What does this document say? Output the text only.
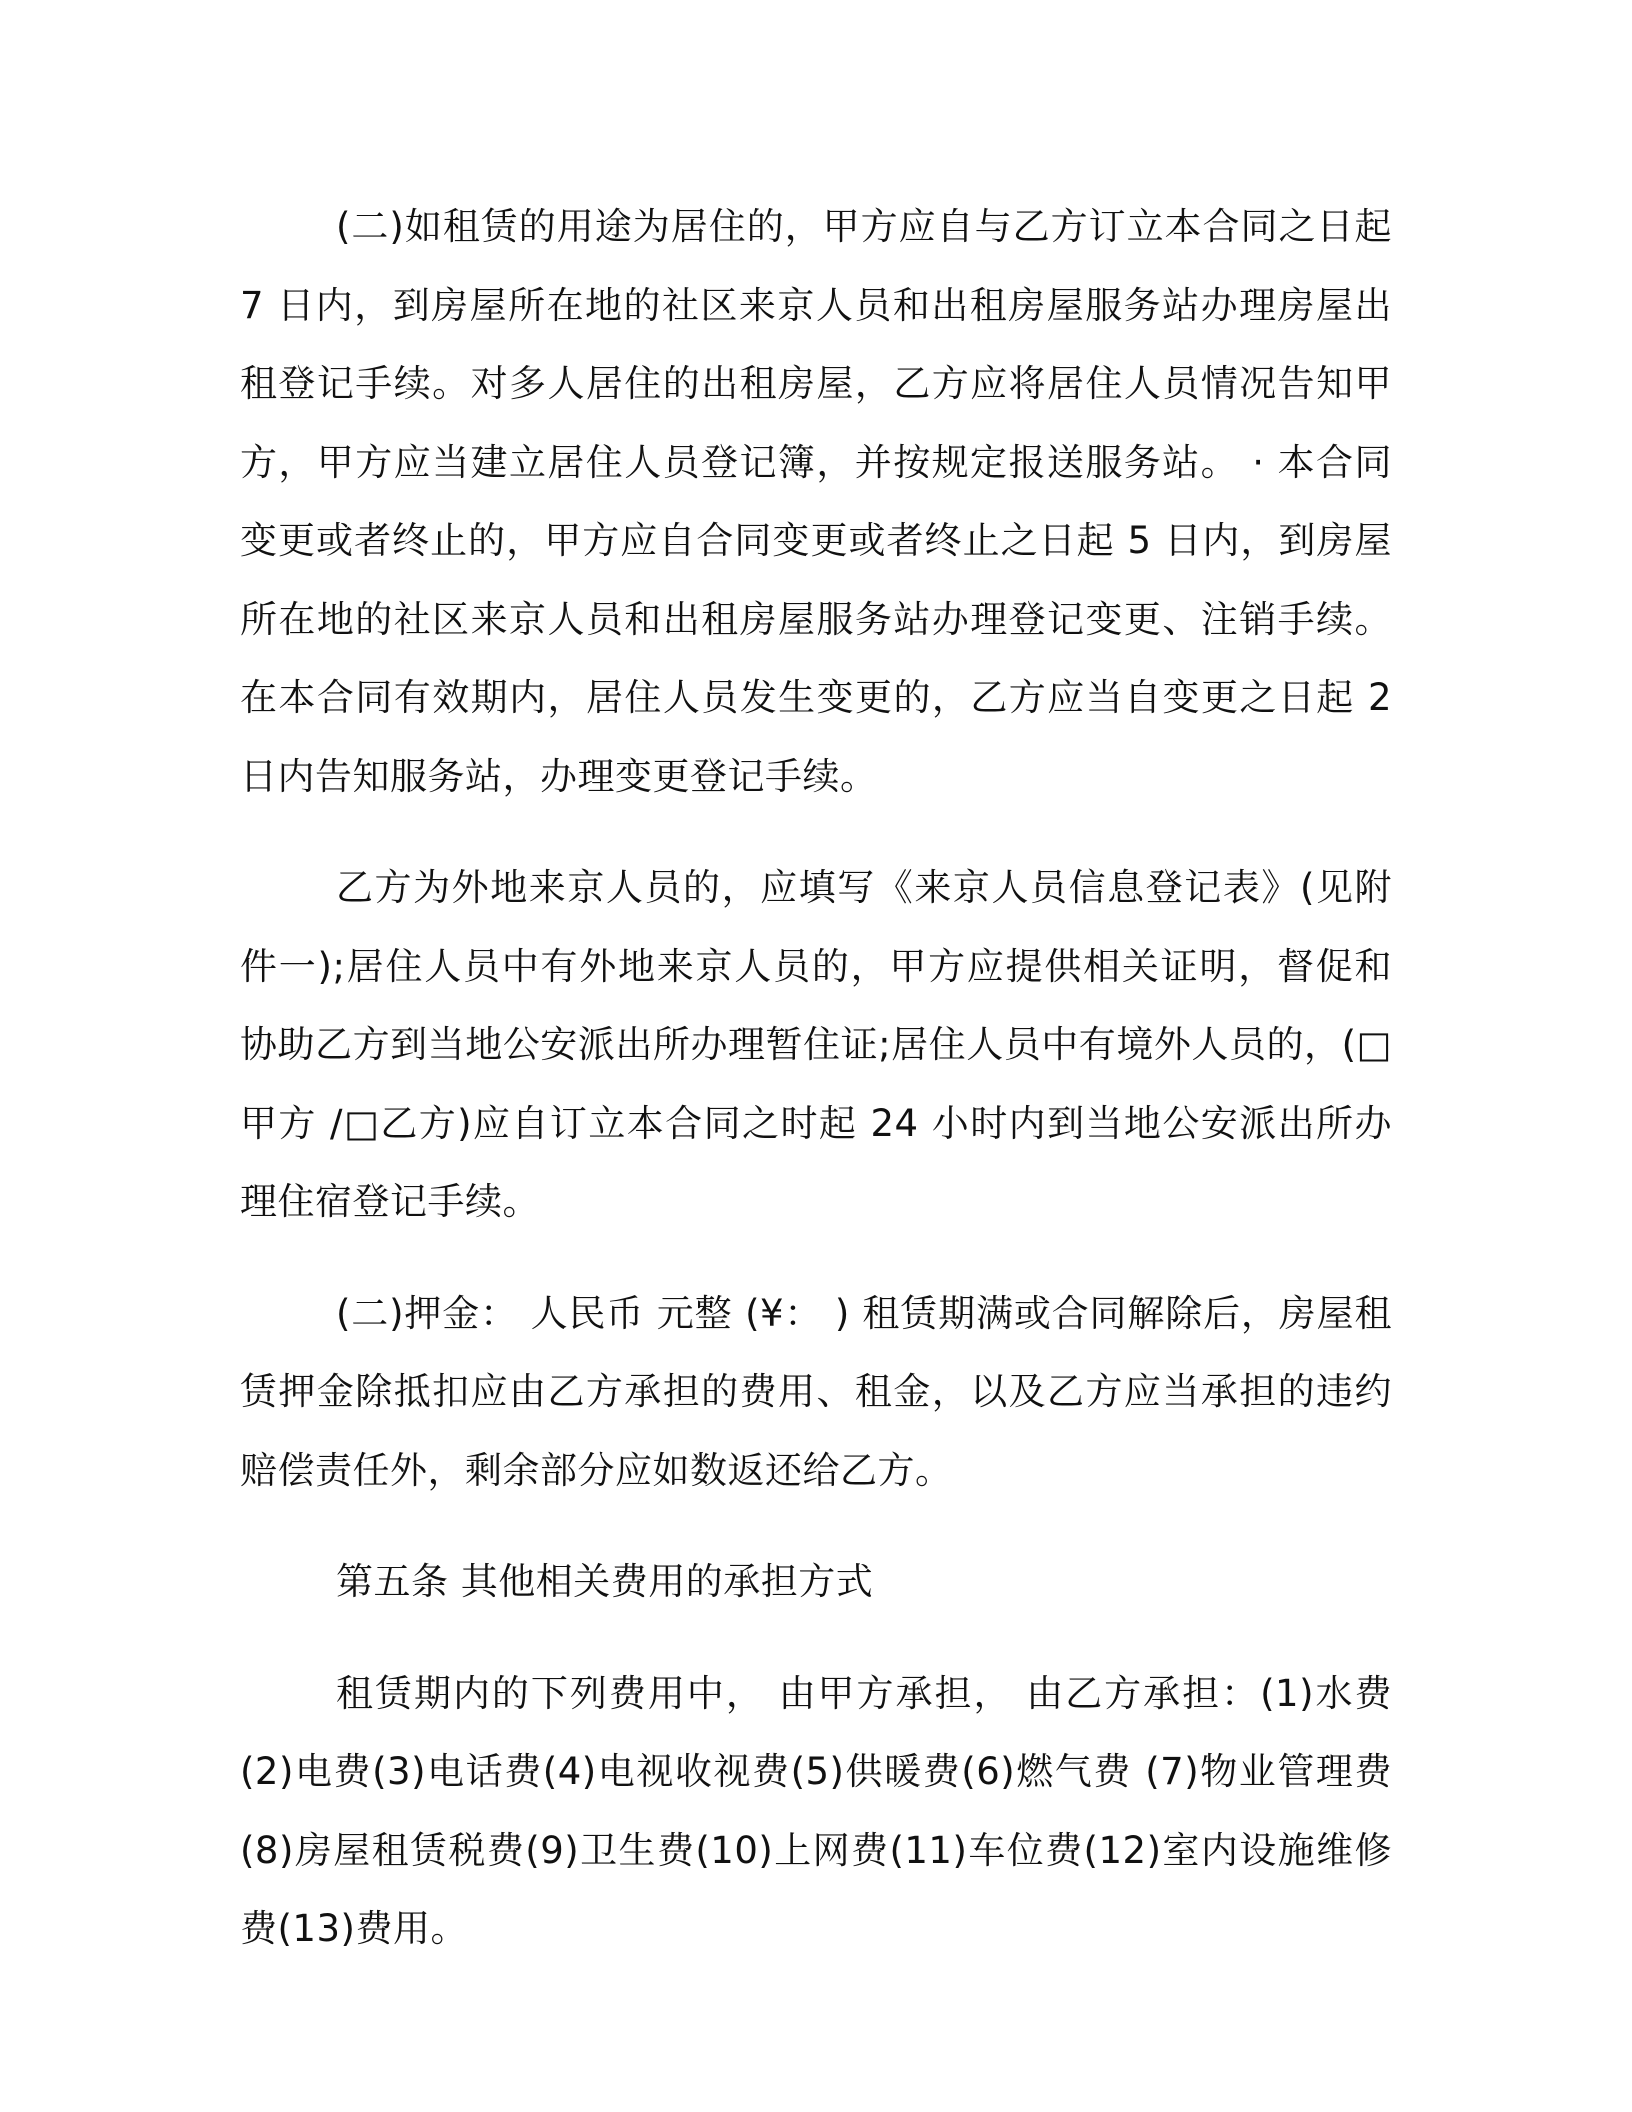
(二)如租赁的用途为居住的，甲方应自与乙方订立本合同之日起 7 日内，到房屋所在地的社区来京人员和出租房屋服务站办理房屋出租登记手续。对多人居住的出租房屋，乙方应将居住人员情况告知甲方，甲方应当建立居住人员登记簿，并按规定报送服务站。 · 本合同变更或者终止的，甲方应自合同变更或者终止之日起 5 日内，到房屋所在地的社区来京人员和出租房屋服务站办理登记变更、注销手续。在本合同有效期内，居住人员发生变更的，乙方应当自变更之日起 2 日内告知服务站，办理变更登记手续。

乙方为外地来京人员的，应填写《来京人员信息登记表》(见附件一);居住人员中有外地来京人员的，甲方应提供相关证明，督促和协助乙方到当地公安派出所办理暂住证;居住人员中有境外人员的，(□甲方 /□乙方)应自订立本合同之时起 24 小时内到当地公安派出所办理住宿登记手续。

(二)押金： 人民币 元整 (¥： ) 租赁期满或合同解除后，房屋租赁押金除抵扣应由乙方承担的费用、租金，以及乙方应当承担的违约赔偿责任外，剩余部分应如数返还给乙方。

第五条 其他相关费用的承担方式

租赁期内的下列费用中， 由甲方承担， 由乙方承担：(1)水费(2)电费(3)电话费(4)电视收视费(5)供暖费(6)燃气费 (7)物业管理费(8)房屋租赁税费(9)卫生费(10)上网费(11)车位费(12)室内设施维修费(13)费用。
